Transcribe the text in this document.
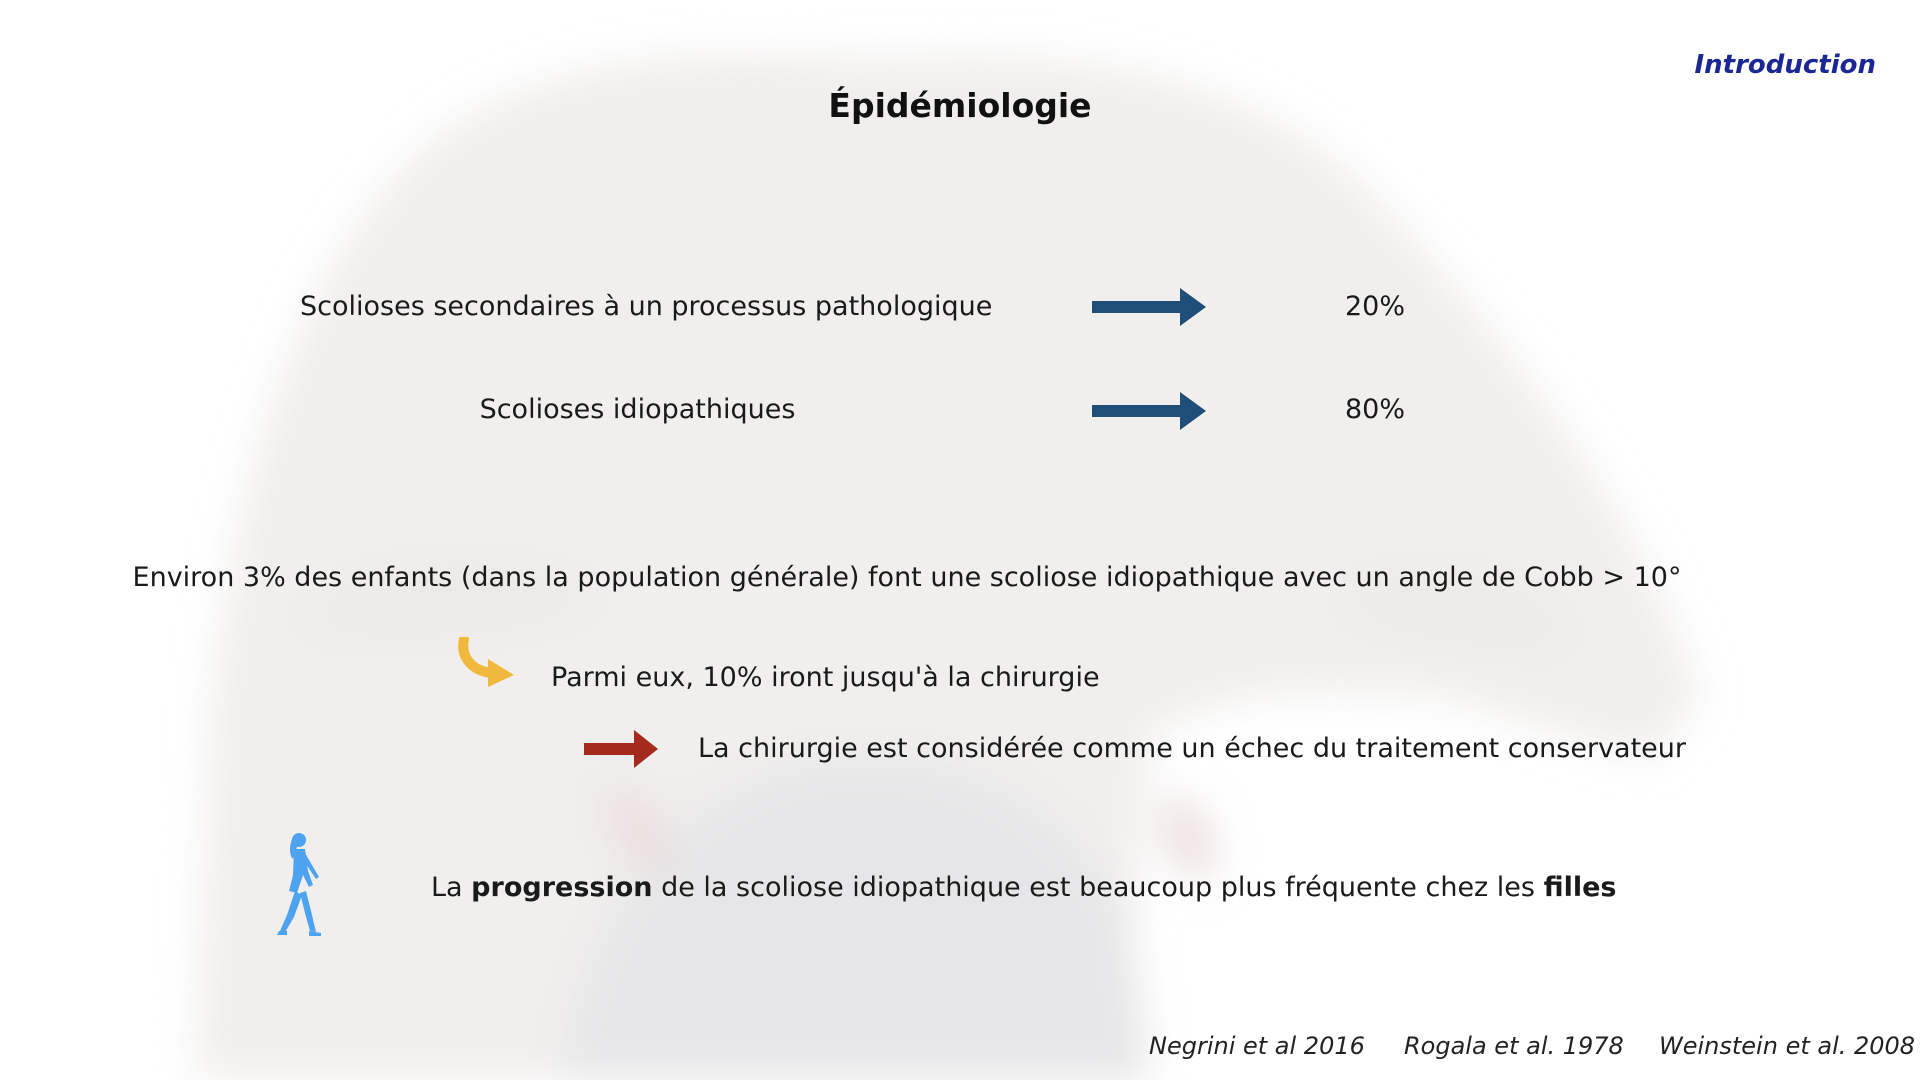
Introduction
Épidémiologie
Scolioses secondaires à un processus pathologique	20%
Scolioses idiopathiques	80%
Environ 3% des enfants (dans la population générale) font une scoliose idiopathique avec un angle de Cobb > 10°
Parmi eux, 10% iront jusqu'à la chirurgie
La chirurgie est considérée comme un échec du traitement conservateur
La progression de la scoliose idiopathique est beaucoup plus fréquente chez les filles
Negrini et al 2016 Rogala et al. 1978 Weinstein et al. 2008
